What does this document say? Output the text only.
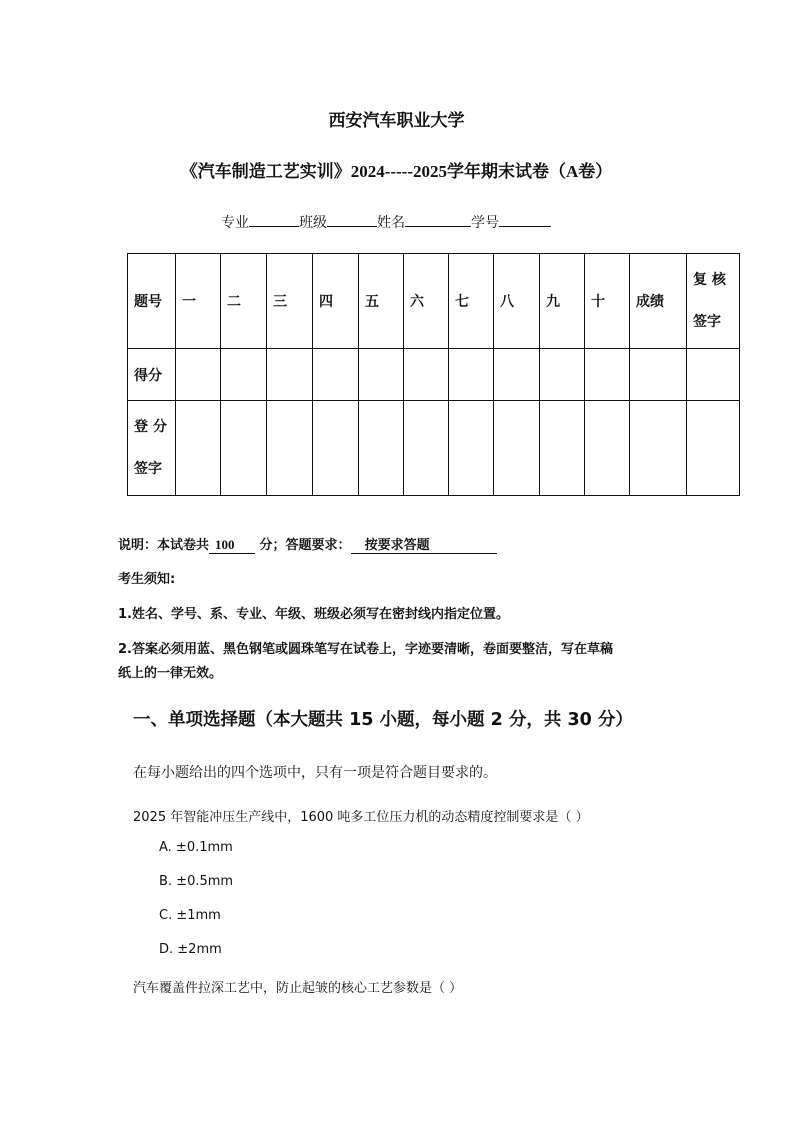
西安汽车职业大学
《汽车制造工艺实训》2024-----2025学年期末试卷（A卷）
专业	班级	姓名	学号
题号	一	二	三	四	五	六	七	八	九	十	成绩	复 核
签字

得分												

登 分
签字												

说明：本试卷共 100 分；答题要求： 按要求答题
考生须知:
1.姓名、学号、系、专业、年级、班级必须写在密封线内指定位置。
2.答案必须用蓝、黑色钢笔或圆珠笔写在试卷上，字迹要清晰，卷面要整洁，写在草稿
纸上的一律无效。
一、单项选择题（本大题共 15 小题，每小题 2 分，共 30 分）
在每小题给出的四个选项中，只有一项是符合题目要求的。
2025 年智能冲压生产线中，1600 吨多工位压力机的动态精度控制要求是（ ）
A. ±0.1mm
B. ±0.5mm
C. ±1mm
D. ±2mm
汽车覆盖件拉深工艺中，防止起皱的核心工艺参数是（ ）
